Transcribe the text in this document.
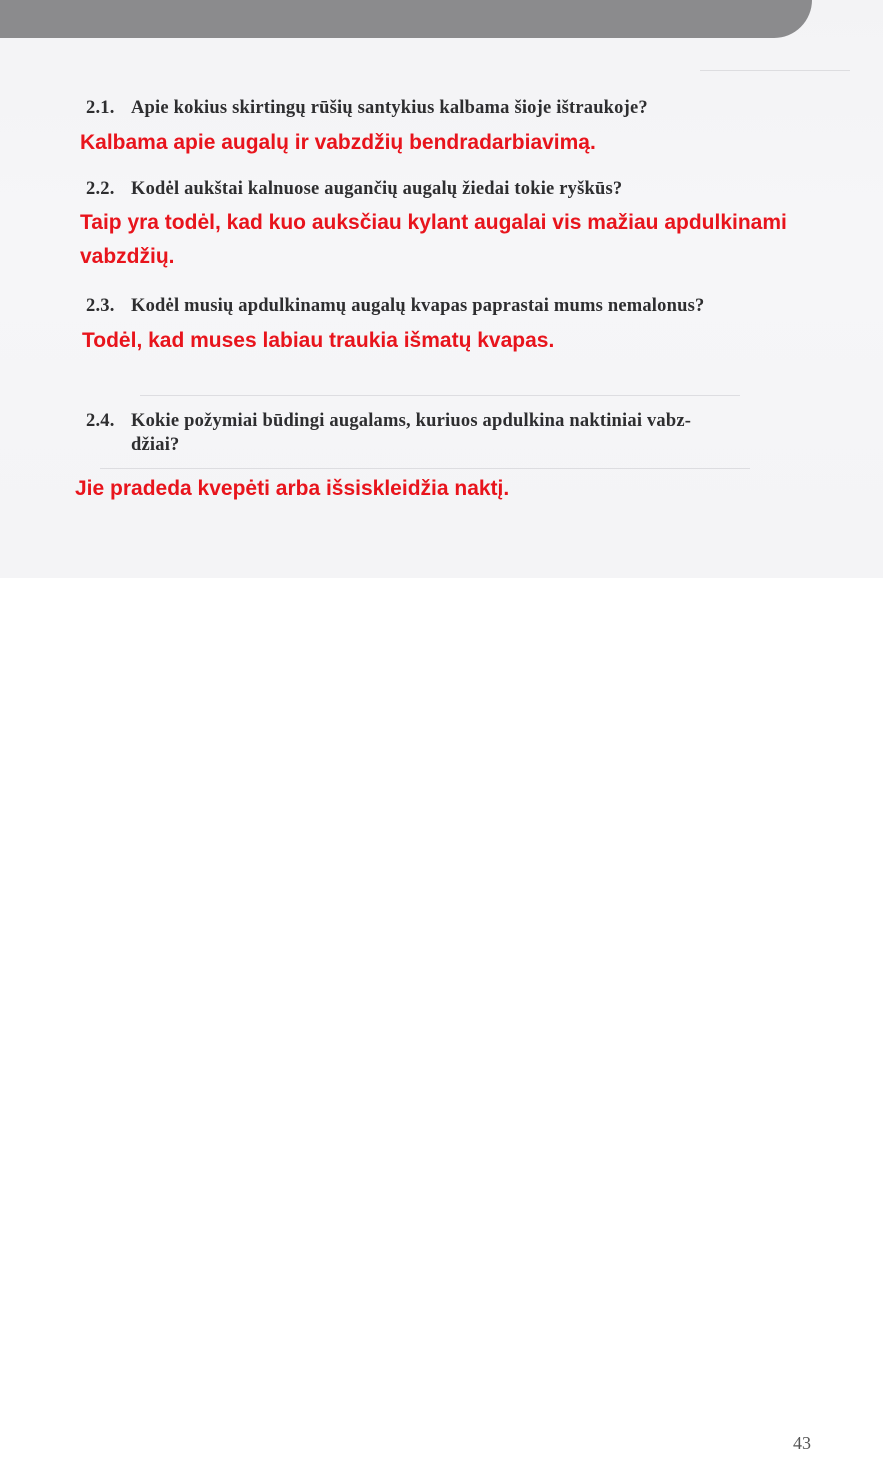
2.1. Apie kokius skirtingų rūšių santykius kalbama šioje ištraukoje?
Kalbama apie augalų ir vabzdžių bendradarbiavimą.
2.2. Kodėl aukštai kalnuose augančių augalų žiedai tokie ryškūs?
Taip yra todėl, kad kuo auksčiau kylant augalai vis mažiau apdulkinami
vabzdžių.
2.3. Kodėl musių apdulkinamų augalų kvapas paprastai mums nemalonus?
Todėl, kad muses labiau traukia išmatų kvapas.
2.4. Kokie požymiai būdingi augalams, kuriuos apdulkina naktiniai vabz-
džiai?
Jie pradeda kvepėti arba išsiskleidžia naktį.
43
